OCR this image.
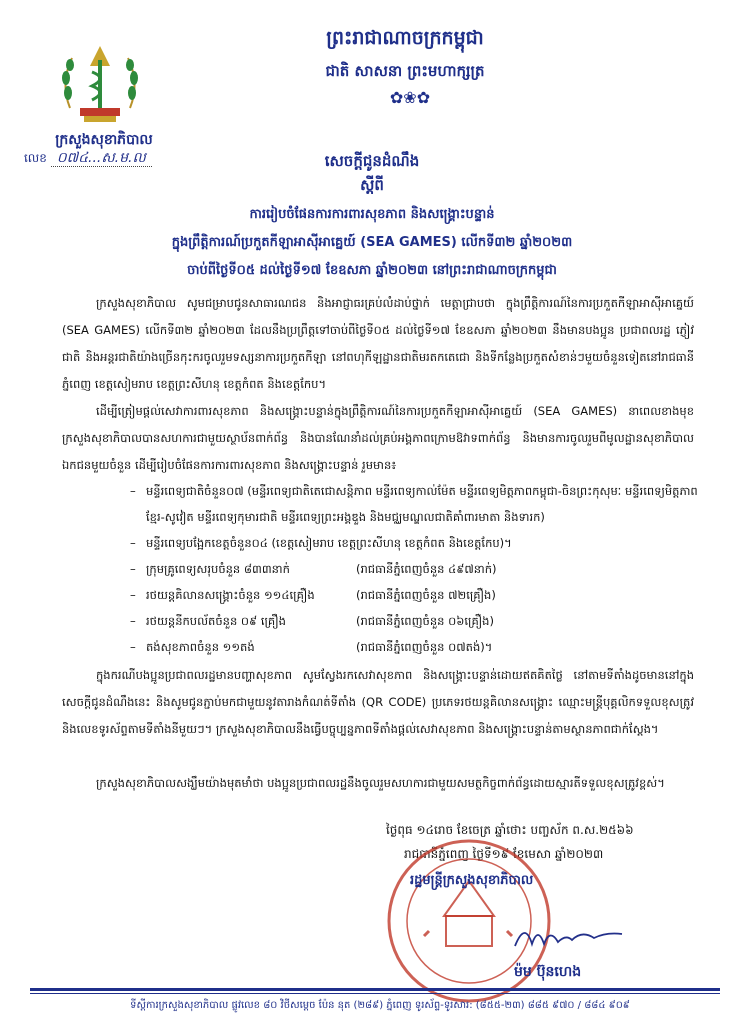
ព្រះរាជាណាចក្រកម្ពុជា
ជាតិ សាសនា ព្រះមហាក្សត្រ
✿❀✿
ក្រសួងសុខាភិបាល
លេខ ០៧៤...ស.ម.ល	សេចក្តីជូនដំណឹង
ស្តីពី
ការរៀបចំផែនការការពារសុខភាព និងសង្គ្រោះបន្ទាន់
ក្នុងព្រឹត្តិការណ៍ប្រកួតកីឡាអាស៊ីអាគ្នេយ៍ (SEA GAMES) លើកទី៣២ ឆ្នាំ២០២៣
ចាប់ពីថ្ងៃទី០៥ ដល់ថ្ងៃទី១៧ ខែឧសភា ឆ្នាំ២០២៣ នៅព្រះរាជាណាចក្រកម្ពុជា
ក្រសួងសុខាភិបាល សូមជម្រាបជូនសាធារណជន និងអាជ្ញាធរគ្រប់លំដាប់ថ្នាក់ មេត្តាជ្រាបថា ក្នុងព្រឹត្តិការណ៍នៃការប្រកួតកីឡាអាស៊ីអាគ្នេយ៍ (SEA GAMES) លើកទី៣២ ឆ្នាំ២០២៣ ដែលនឹងប្រព្រឹត្តទៅចាប់ពីថ្ងៃទី០៥ ដល់ថ្ងៃទី១៧ ខែឧសភា ឆ្នាំ២០២៣ នឹងមានបងប្អូន ប្រជាពលរដ្ឋ ភ្ញៀវជាតិ និងអន្តរជាតិយ៉ាងច្រើនកុះករចូលរួមទស្សនាការប្រកួតកីឡា នៅពហុកីឡដ្ឋានជាតិមរតកតេជោ និងទីកន្លែងប្រកួតសំខាន់ៗមួយចំនួនទៀតនៅរាជធានីភ្នំពេញ ខេត្តសៀមរាប ខេត្តព្រះសីហនុ ខេត្តកំពត និងខេត្តកែប។
ដើម្បីត្រៀមផ្តល់សេវាការពារសុខភាព និងសង្គ្រោះបន្ទាន់ក្នុងព្រឹត្តិការណ៍នៃការប្រកួតកីឡាអាស៊ីអាគ្នេយ៍ (SEA GAMES) នាពេលខាងមុខ ក្រសួងសុខាភិបាលបានសហការជាមួយស្ថាប័នពាក់ព័ន្ធ និងបានណែនាំដល់គ្រប់អង្គភាពក្រោមឱវាទពាក់ព័ន្ធ និងមានការចូលរួមពីមូលដ្ឋានសុខាភិបាលឯកជនមួយចំនួន ដើម្បីរៀបចំផែនការការពារសុខភាព និងសង្គ្រោះបន្ទាន់ រួមមាន៖
– មន្ទីរពេទ្យជាតិចំនួន០៧ (មន្ទីរពេទ្យជាតិតេជោសន្តិភាព មន្ទីរពេទ្យកាល់ម៉ែត មន្ទីរពេទ្យមិត្តភាពកម្ពុជា-ចិនព្រះកុសុមៈ មន្ទីរពេទ្យមិត្តភាពខ្មែរ-សូវៀត មន្ទីរពេទ្យកុមារជាតិ មន្ទីរពេទ្យព្រះអង្គឌួង និងមជ្ឈមណ្ឌលជាតិគាំពារមាតា និងទារក)
– មន្ទីរពេទ្យបង្អែកខេត្តចំនួន០៤ (ខេត្តសៀមរាប ខេត្តព្រះសីហនុ ខេត្តកំពត និងខេត្តកែប)។
– ក្រុមគ្រូពេទ្យសរុបចំនួន ៨៣៣នាក់	(រាជធានីភ្នំពេញចំនួន ៤៩៧នាក់)
– រថយន្តគិលានសង្គ្រោះចំនួន ១១៤គ្រឿង	(រាជធានីភ្នំពេញចំនួន ៧២គ្រឿង)
– រថយន្តនីកបល័តចំនួន ០៩ គ្រឿង	(រាជធានីភ្នំពេញចំនួន ០៦គ្រឿង)
– តង់សុខភាពចំនួន ១១តង់	(រាជធានីភ្នំពេញចំនួន ០៧តង់)។
ក្នុងករណីបងប្អូនប្រជាពលរដ្ឋមានបញ្ហាសុខភាព សូមស្វែងរកសេវាសុខភាព និងសង្គ្រោះបន្ទាន់ដោយឥតគិតថ្លៃ នៅតាមទីតាំងដូចមាននៅក្នុងសេចក្តីជូនដំណឹងនេះ និងសូមជូនភ្ជាប់មកជាមួយនូវតារាងកំណត់ទីតាំង (QR CODE) ប្រភេទរថយន្តគិលានសង្គ្រោះ ឈ្មោះមន្ត្រីបុគ្គលិកទទួលខុសត្រូវ និងលេខទូរស័ព្ទតាមទីតាំងនីមួយៗ។ ក្រសួងសុខាភិបាលនឹងធ្វើបច្ចុប្បន្នភាពទីតាំងផ្តល់សេវាសុខភាព និងសង្គ្រោះបន្ទាន់តាមស្ថានភាពជាក់ស្តែង។
ក្រសួងសុខាភិបាលសង្ឃឹមយ៉ាងមុតមាំថា បងប្អូនប្រជាពលរដ្ឋនឹងចូលរួមសហការជាមួយសមត្ថកិច្ចពាក់ព័ន្ធដោយស្មារតីទទួលខុសត្រូវខ្ពស់។
ថ្ងៃពុធ ១៤រោច ខែចេត្រ ឆ្នាំថោះ បញ្ចស័ក ព.ស.២៥៦៦
រាជធានីភ្នំពេញ ថ្ងៃទី១៩ ខែមេសា ឆ្នាំ២០២៣
រដ្ឋមន្ត្រីក្រសួងសុខាភិបាល
ម៉ម ប៊ុនហេង
ទីស្តីការក្រសួងសុខាភិបាល ផ្លូវលេខ ៨០ វិថីសម្តេច ប៉ែន នុត (២៨៩) ភ្នំពេញ ទូរស័ព្ទ-ទូរសារ: (៨៥៥-២៣) ៨៨៥ ៩៧០ / ៨៨៤ ៩០៩
